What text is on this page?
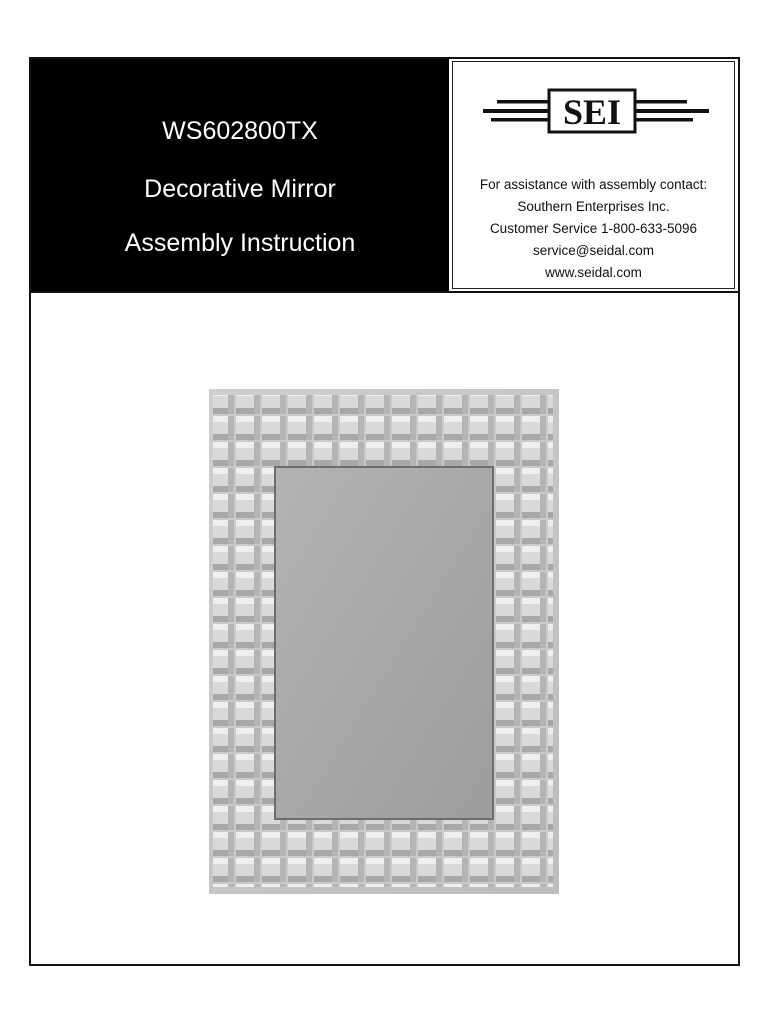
WS602800TX
Decorative Mirror
Assembly Instruction
SEI
For assistance with assembly contact:
Southern Enterprises Inc.
Customer Service 1-800-633-5096
service@seidal.com
www.seidal.com
